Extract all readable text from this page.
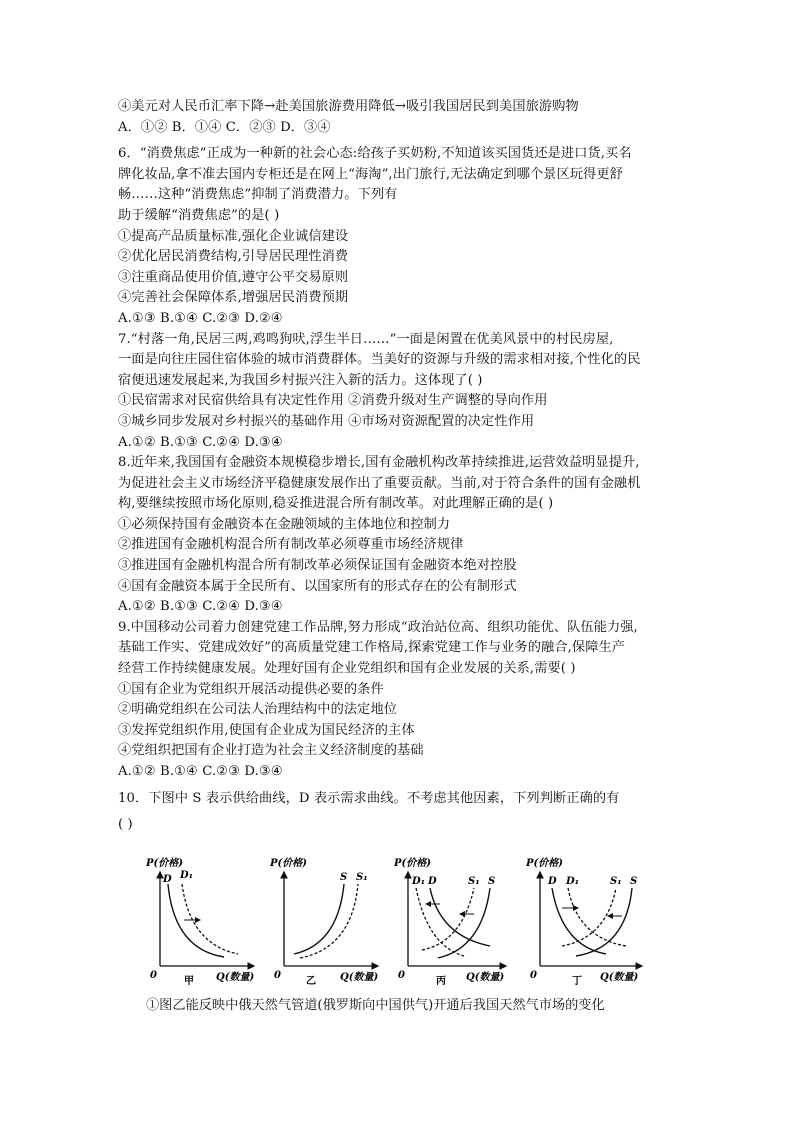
④美元对人民币汇率下降→赴美国旅游费用降低→吸引我国居民到美国旅游购物
A．①② B．①④ C．②③ D．③④
6．“消费焦虑”正成为一种新的社会心态:给孩子买奶粉,不知道该买国货还是进口货,买名
牌化妆品,拿不准去国内专柜还是在网上“海淘”,出门旅行,无法确定到哪个景区玩得更舒
畅……这种“消费焦虑”抑制了消费潜力。下列有
助于缓解“消费焦虑”的是( )
①提高产品质量标准,强化企业诚信建设
②优化居民消费结构,引导居民理性消费
③注重商品使用价值,遵守公平交易原则
④完善社会保障体系,增强居民消费预期
A.①③ B.①④ C.②③ D.②④
7.“村落一角,民居三两,鸡鸣狗吠,浮生半日……”一面是闲置在优美风景中的村民房屋,
一面是向往庄园住宿体验的城市消费群体。当美好的资源与升级的需求相对接,个性化的民
宿便迅速发展起来,为我国乡村振兴注入新的活力。这体现了( )
①民宿需求对民宿供给具有决定性作用 ②消费升级对生产调整的导向作用
③城乡同步发展对乡村振兴的基础作用 ④市场对资源配置的决定性作用
A.①② B.①③ C.②④ D.③④
8.近年来,我国国有金融资本规模稳步增长,国有金融机构改革持续推进,运营效益明显提升,
为促进社会主义市场经济平稳健康发展作出了重要贡献。当前,对于符合条件的国有金融机
构,要继续按照市场化原则,稳妥推进混合所有制改革。对此理解正确的是( )
①必须保持国有金融资本在金融领域的主体地位和控制力
②推进国有金融机构混合所有制改革必须尊重市场经济规律
③推进国有金融机构混合所有制改革必须保证国有金融资本绝对控股
④国有金融资本属于全民所有、以国家所有的形式存在的公有制形式
A.①② B.①③ C.②④ D.③④
9.中国移动公司着力创建党建工作品牌,努力形成“政治站位高、组织功能优、队伍能力强,
基础工作实、党建成效好”的高质量党建工作格局,探索党建工作与业务的融合,保障生产
经营工作持续健康发展。处理好国有企业党组织和国有企业发展的关系,需要( )
①国有企业为党组织开展活动提供必要的条件
②明确党组织在公司法人治理结构中的法定地位
③发挥党组织作用,使国有企业成为国民经济的主体
④党组织把国有企业打造为社会主义经济制度的基础
A.①② B.①④ C.②③ D.③④
10．下图中 S 表示供给曲线，D 表示需求曲线。不考虑其他因素，下列判断正确的有
( )
P(价格)
0	Q(数量)
D D₁
甲
P(价格)
0	Q(数量)
S S₁
乙
P(价格)
0	Q(数量)
D₁ D	S₁ S
丙
P(价格)
0	Q(数量)
D D₁	S₁ S
丁
①图乙能反映中俄天然气管道(俄罗斯向中国供气)开通后我国天然气市场的变化
